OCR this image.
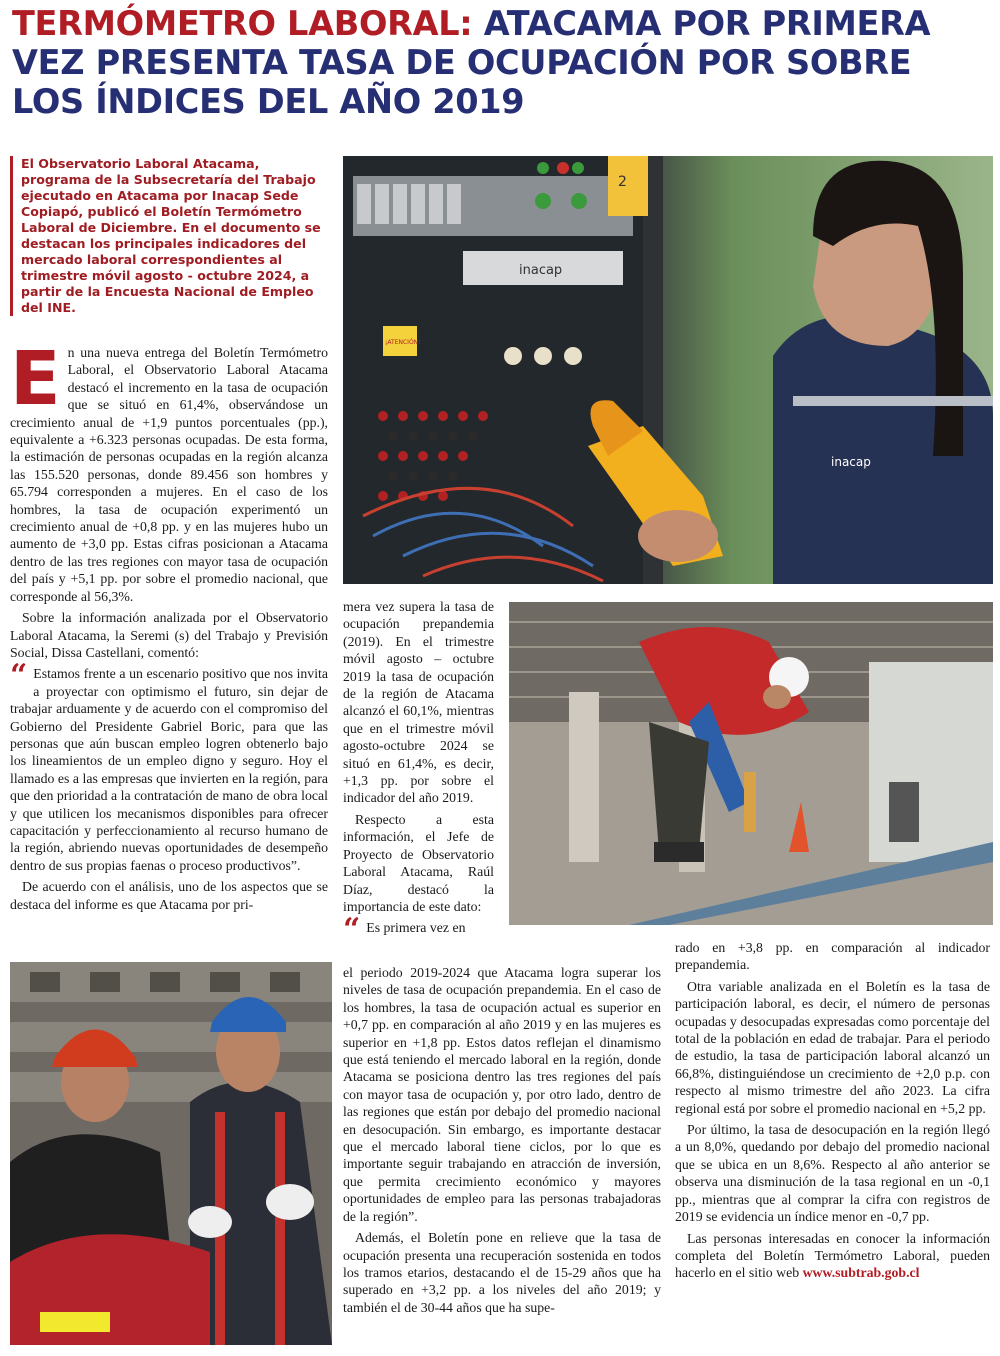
TERMÓMETRO LABORAL: ATACAMA POR PRIMERA VEZ PRESENTA TASA DE OCUPACIÓN POR SOBRE LOS ÍNDICES DEL AÑO 2019
El Observatorio Laboral Atacama, programa de la Subsecretaría del Trabajo ejecutado en Atacama por Inacap Sede Copiapó, publicó el Boletín Termómetro Laboral de Diciembre. En el documento se destacan los principales indicadores del mercado laboral correspondientes al trimestre móvil agosto - octubre 2024, a partir de la Encuesta Nacional de Empleo del INE.

En una nueva entrega del Boletín Termómetro Laboral, el Observatorio Laboral Atacama destacó el incremento en la tasa de ocupación que se situó en 61,4%, observándose un crecimiento anual de +1,9 puntos porcentuales (pp.), equivalente a +6.323 personas ocupadas. De esta forma, la estimación de personas ocupadas en la región alcanza las 155.520 personas, donde 89.456 son hombres y 65.794 corresponden a mujeres. En el caso de los hombres, la tasa de ocupación experimentó un crecimiento anual de +0,8 pp. y en las mujeres hubo un aumento de +3,0 pp. Estas cifras posicionan a Atacama dentro de las tres regiones con mayor tasa de ocupación del país y +5,1 pp. por sobre el promedio nacional, que corresponde al 56,3%.

Sobre la información analizada por el Observatorio Laboral Atacama, la Seremi (s) del Trabajo y Previsión Social, Dissa Castellani, comentó:

“ Estamos frente a un escenario positivo que nos invita a proyectar con optimismo el futuro, sin dejar de trabajar arduamente y de acuerdo con el compromiso del Gobierno del Presidente Gabriel Boric, para que las personas que aún buscan empleo logren obtenerlo bajo los lineamientos de un empleo digno y seguro. Hoy el llamado es a las empresas que invierten en la región, para que den prioridad a la contratación de mano de obra local y que utilicen los mecanismos disponibles para ofrecer capacitación y perfeccionamiento al recurso humano de la región, abriendo nuevas oportunidades de desempeño dentro de sus propias faenas o proceso productivos”.

De acuerdo con el análisis, uno de los aspectos que se destaca del informe es que Atacama por pri-

2
inacap
¡ATENCIÓN!
inacap

mera vez supera la tasa de ocupación prepandemia (2019). En el trimestre móvil agosto – octubre 2019 la tasa de ocupación de la región de Atacama alcanzó el 60,1%, mientras que en el trimestre móvil agosto-octubre 2024 se situó en 61,4%, es decir, +1,3 pp. por sobre el indicador del año 2019.

Respecto a esta información, el Jefe de Proyecto de Observatorio Laboral Atacama, Raúl Díaz, destacó la importancia de este dato:

“ Es primera vez en

el periodo 2019-2024 que Atacama logra superar los niveles de tasa de ocupación prepandemia. En el caso de los hombres, la tasa de ocupación actual es superior en +0,7 pp. en comparación al año 2019 y en las mujeres es superior en +1,8 pp. Estos datos reflejan el dinamismo que está teniendo el mercado laboral en la región, donde Atacama se posiciona dentro las tres regiones del país con mayor tasa de ocupación y, por otro lado, dentro de las regiones que están por debajo del promedio nacional en desocupación. Sin embargo, es importante destacar que el mercado laboral tiene ciclos, por lo que es importante seguir trabajando en atracción de inversión, que permita crecimiento económico y mayores oportunidades de empleo para las personas trabajadoras de la región”.

Además, el Boletín pone en relieve que la tasa de ocupación presenta una recuperación sostenida en todos los tramos etarios, destacando el de 15-29 años que ha superado en +3,2 pp. a los niveles del año 2019; y también el de 30-44 años que ha supe-

rado en +3,8 pp. en comparación al indicador prepandemia.

Otra variable analizada en el Boletín es la tasa de participación laboral, es decir, el número de personas ocupadas y desocupadas expresadas como porcentaje del total de la población en edad de trabajar. Para el periodo de estudio, la tasa de participación laboral alcanzó un 66,8%, distinguiéndose un crecimiento de +2,0 p.p. con respecto al mismo trimestre del año 2023. La cifra regional está por sobre el promedio nacional en +5,2 pp.

Por último, la tasa de desocupación en la región llegó a un 8,0%, quedando por debajo del promedio nacional que se ubica en un 8,6%. Respecto al año anterior se observa una disminución de la tasa regional en un -0,1 pp., mientras que al comprar la cifra con registros de 2019 se evidencia un índice menor en -0,7 pp.

Las personas interesadas en conocer la información completa del Boletín Termómetro Laboral, pueden hacerlo en el sitio web www.subtrab.gob.cl
